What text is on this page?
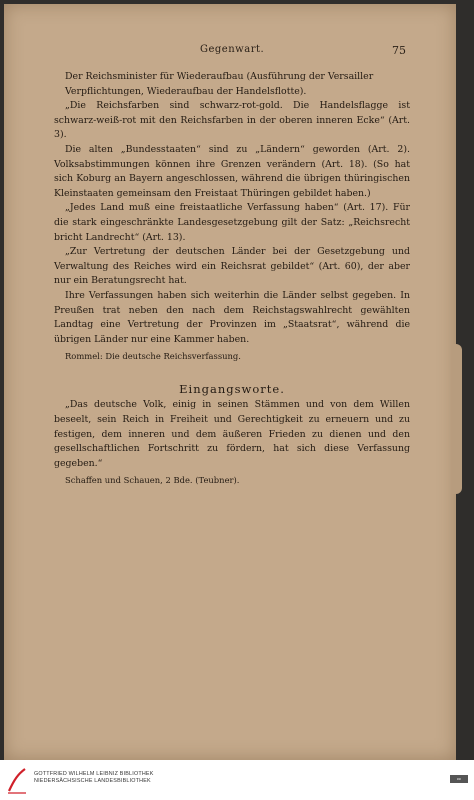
Gegenwart.	75

Der Reichsminister für Wiederaufbau (Ausführung der Versailler

Verpflichtungen, Wiederaufbau der Handelsflotte).

„Die Reichsfarben sind schwarz-rot-gold. Die Handelsflagge ist schwarz-weiß-rot mit den Reichsfarben in der oberen inneren Ecke“ (Art. 3).

Die alten „Bundesstaaten“ sind zu „Ländern“ geworden (Art. 2). Volksabstimmungen können ihre Grenzen verändern (Art. 18). (So hat sich Koburg an Bayern angeschlossen, während die übrigen thüringischen Kleinstaaten gemeinsam den Freistaat Thüringen gebildet haben.)

„Jedes Land muß eine freistaatliche Verfassung haben“ (Art. 17). Für die stark eingeschränkte Landesgesetzgebung gilt der Satz: „Reichsrecht bricht Landrecht“ (Art. 13).

„Zur Vertretung der deutschen Länder bei der Gesetzgebung und Verwaltung des Reiches wird ein Reichsrat gebildet“ (Art. 60), der aber nur ein Beratungsrecht hat.

Ihre Verfassungen haben sich weiterhin die Länder selbst gegeben. In Preußen trat neben den nach dem Reichstagswahlrecht gewählten Landtag eine Vertretung der Provinzen im „Staatsrat“, während die übrigen Länder nur eine Kammer haben.

Rommel: Die deutsche Reichsverfassung.

Eingangsworte.

„Das deutsche Volk, einig in seinen Stämmen und von dem Willen beseelt, sein Reich in Freiheit und Gerechtigkeit zu erneuern und zu festigen, dem inneren und dem äußeren Frieden zu dienen und den gesellschaftlichen Fortschritt zu fördern, hat sich diese Verfassung gegeben.“

Schaffen und Schauen, 2 Bde. (Teubner).

GOTTFRIED WILHELM LEIBNIZ BIBLIOTHEK
NIEDERSÄCHSISCHE LANDESBIBLIOTHEK	cc
